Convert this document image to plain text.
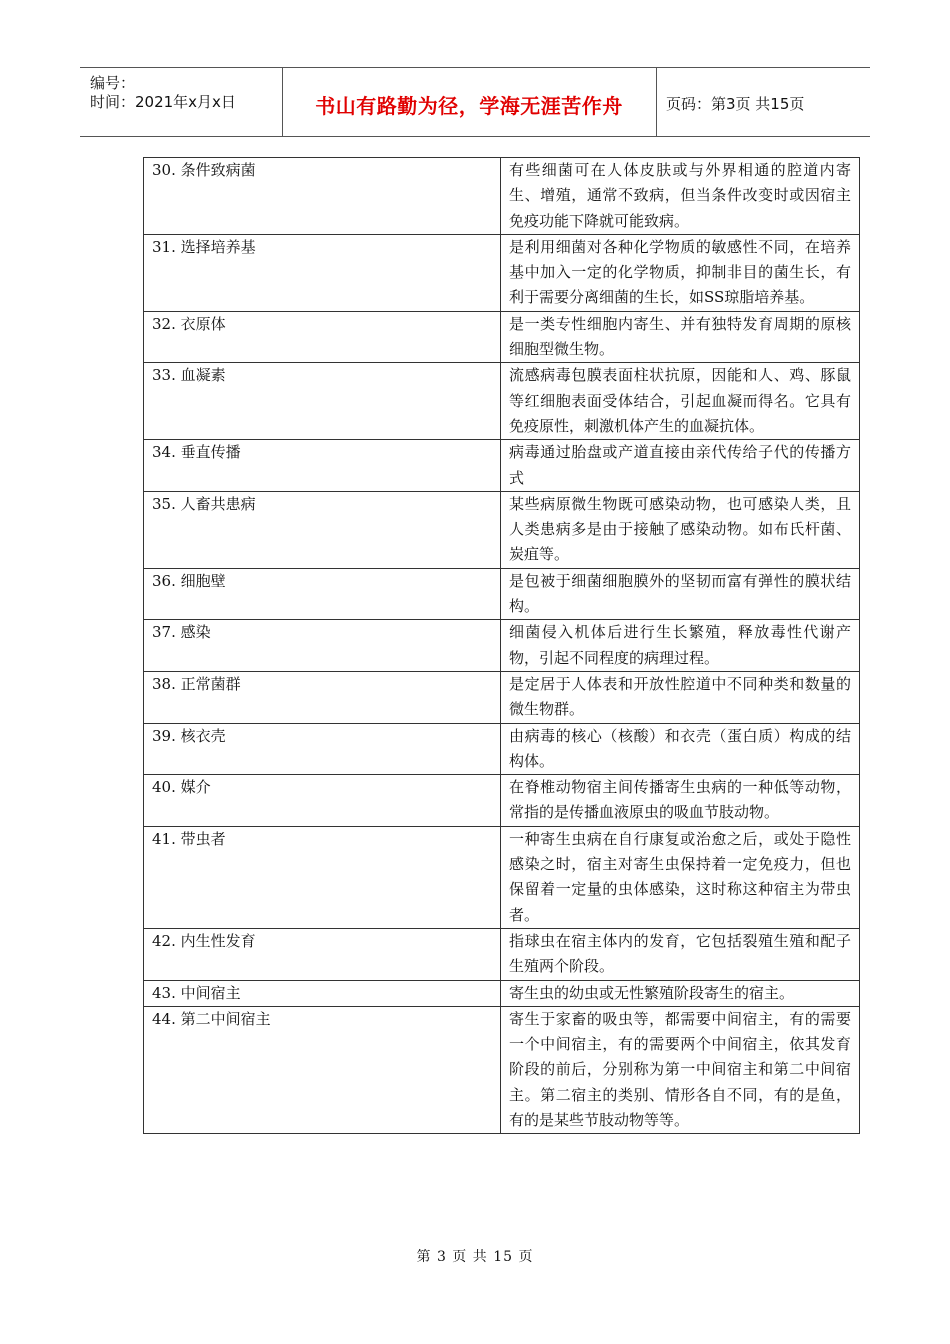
编号：
时间：2021年x月x日	书山有路勤为径，学海无涯苦作舟	页码：第3页 共15页
30. 条件致病菌	有些细菌可在人体皮肤或与外界相通的腔道内寄生、增殖，通常不致病，但当条件改变时或因宿主免疫功能下降就可能致病。
31. 选择培养基	是利用细菌对各种化学物质的敏感性不同，在培养基中加入一定的化学物质，抑制非目的菌生长，有利于需要分离细菌的生长，如SS琼脂培养基。
32. 衣原体	是一类专性细胞内寄生、并有独特发育周期的原核细胞型微生物。
33. 血凝素	流感病毒包膜表面柱状抗原，因能和人、鸡、豚鼠等红细胞表面受体结合，引起血凝而得名。它具有免疫原性，刺激机体产生的血凝抗体。
34. 垂直传播	病毒通过胎盘或产道直接由亲代传给子代的传播方式
35. 人畜共患病	某些病原微生物既可感染动物，也可感染人类，且人类患病多是由于接触了感染动物。如布氏杆菌、炭疽等。
36. 细胞壁	是包被于细菌细胞膜外的坚韧而富有弹性的膜状结构。
37. 感染	细菌侵入机体后进行生长繁殖，释放毒性代谢产物，引起不同程度的病理过程。
38. 正常菌群	是定居于人体表和开放性腔道中不同种类和数量的微生物群。
39. 核衣壳	由病毒的核心（核酸）和衣壳（蛋白质）构成的结构体。
40. 媒介	在脊椎动物宿主间传播寄生虫病的一种低等动物，常指的是传播血液原虫的吸血节肢动物。
41. 带虫者	一种寄生虫病在自行康复或治愈之后，或处于隐性感染之时，宿主对寄生虫保持着一定免疫力，但也保留着一定量的虫体感染，这时称这种宿主为带虫者。
42. 内生性发育	指球虫在宿主体内的发育，它包括裂殖生殖和配子生殖两个阶段。
43. 中间宿主	寄生虫的幼虫或无性繁殖阶段寄生的宿主。
44. 第二中间宿主	寄生于家畜的吸虫等，都需要中间宿主，有的需要一个中间宿主，有的需要两个中间宿主，依其发育阶段的前后，分别称为第一中间宿主和第二中间宿主。第二宿主的类别、情形各自不同，有的是鱼，有的是某些节肢动物等等。
第 3 页 共 15 页
